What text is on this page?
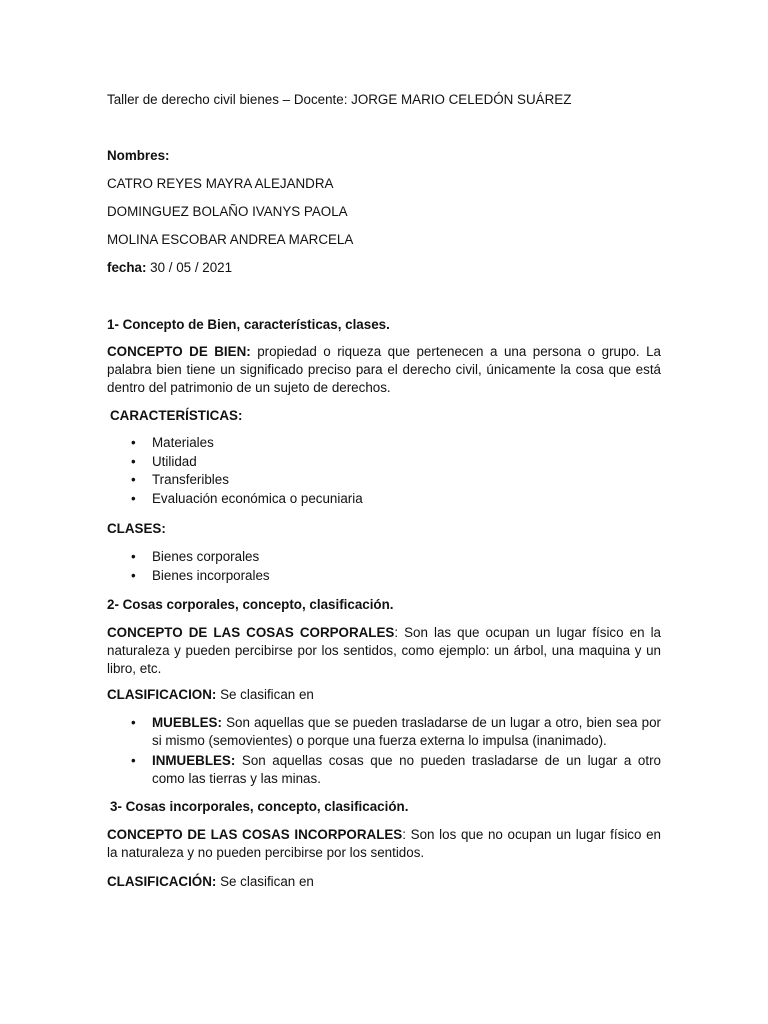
Taller de derecho civil bienes – Docente: JORGE MARIO CELEDÓN SUÁREZ
Nombres:
CATRO REYES MAYRA ALEJANDRA
DOMINGUEZ BOLAÑO IVANYS PAOLA
MOLINA ESCOBAR ANDREA MARCELA
fecha: 30 / 05 / 2021
1- Concepto de Bien, características, clases.
CONCEPTO DE BIEN: propiedad o riqueza que pertenecen a una persona o grupo. La palabra bien tiene un significado preciso para el derecho civil, únicamente la cosa que está dentro del patrimonio de un sujeto de derechos.
CARACTERÍSTICAS:
• Materiales
• Utilidad
• Transferibles
• Evaluación económica o pecuniaria
CLASES:
• Bienes corporales
• Bienes incorporales
2- Cosas corporales, concepto, clasificación.
CONCEPTO DE LAS COSAS CORPORALES: Son las que ocupan un lugar físico en la naturaleza y pueden percibirse por los sentidos, como ejemplo: un árbol, una maquina y un libro, etc.
CLASIFICACION: Se clasifican en
• MUEBLES: Son aquellas que se pueden trasladarse de un lugar a otro, bien sea por si mismo (semovientes) o porque una fuerza externa lo impulsa (inanimado).
• INMUEBLES: Son aquellas cosas que no pueden trasladarse de un lugar a otro como las tierras y las minas.
3- Cosas incorporales, concepto, clasificación.
CONCEPTO DE LAS COSAS INCORPORALES: Son los que no ocupan un lugar físico en la naturaleza y no pueden percibirse por los sentidos.
CLASIFICACIÓN: Se clasifican en
